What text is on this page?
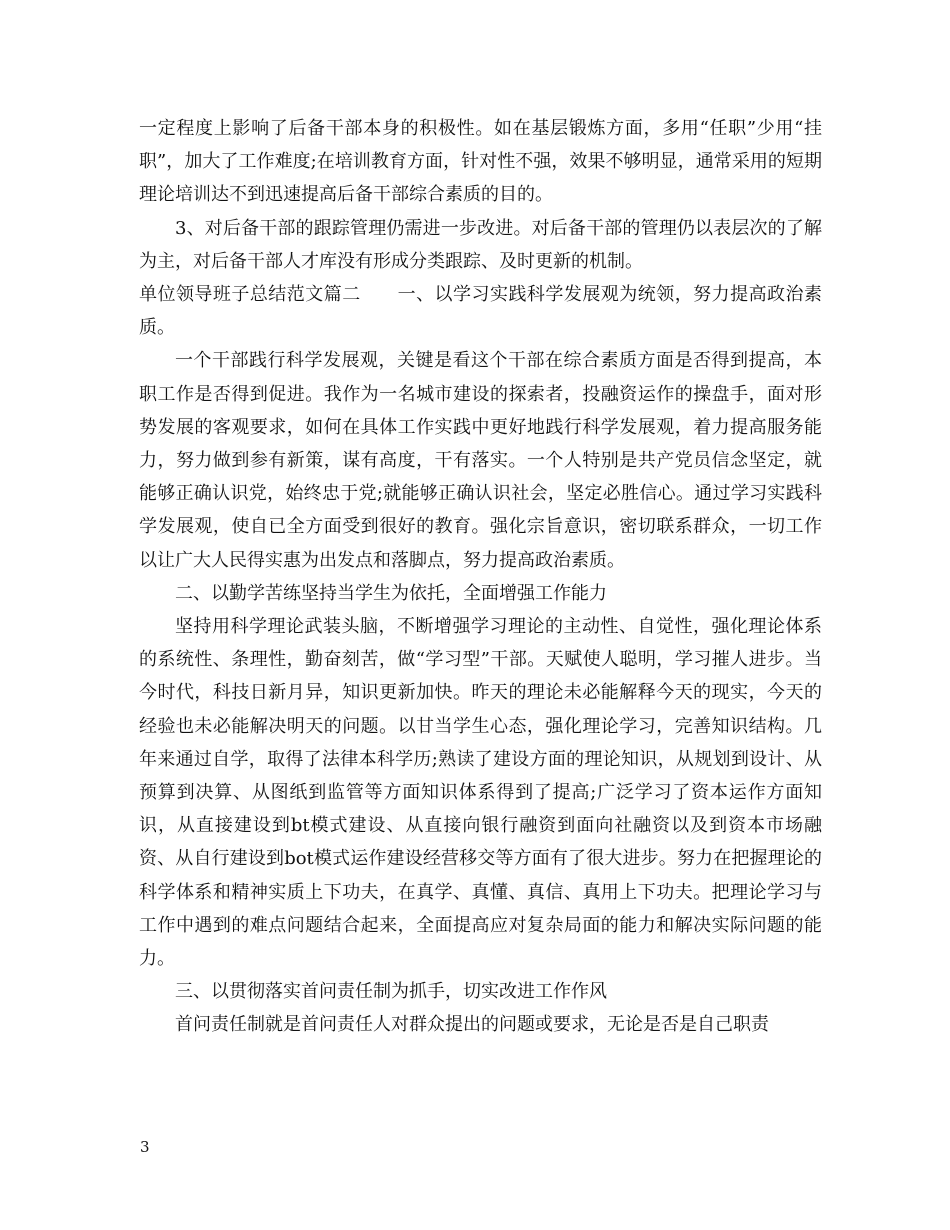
一定程度上影响了后备干部本身的积极性。如在基层锻炼方面，多用“任职”少用“挂职”，加大了工作难度;在培训教育方面，针对性不强，效果不够明显，通常采用的短期理论培训达不到迅速提高后备干部综合素质的目的。

3、对后备干部的跟踪管理仍需进一步改进。对后备干部的管理仍以表层次的了解为主，对后备干部人才库没有形成分类跟踪、及时更新的机制。

单位领导班子总结范文篇二　　一、以学习实践科学发展观为统领，努力提高政治素质。

一个干部践行科学发展观，关键是看这个干部在综合素质方面是否得到提高，本职工作是否得到促进。我作为一名城市建设的探索者，投融资运作的操盘手，面对形势发展的客观要求，如何在具体工作实践中更好地践行科学发展观，着力提高服务能力，努力做到参有新策，谋有高度，干有落实。一个人特别是共产党员信念坚定，就能够正确认识党，始终忠于党;就能够正确认识社会，坚定必胜信心。通过学习实践科学发展观，使自已全方面受到很好的教育。强化宗旨意识，密切联系群众，一切工作以让广大人民得实惠为出发点和落脚点，努力提高政治素质。

二、以勤学苦练坚持当学生为依托，全面增强工作能力

坚持用科学理论武装头脑，不断增强学习理论的主动性、自觉性，强化理论体系的系统性、条理性，勤奋刻苦，做“学习型”干部。天赋使人聪明，学习摧人进步。当今时代，科技日新月异，知识更新加快。昨天的理论未必能解释今天的现实，今天的经验也未必能解决明天的问题。以甘当学生心态，强化理论学习，完善知识结构。几年来通过自学，取得了法律本科学历;熟读了建设方面的理论知识，从规划到设计、从预算到决算、从图纸到监管等方面知识体系得到了提高;广泛学习了资本运作方面知识，从直接建设到bt模式建设、从直接向银行融资到面向社融资以及到资本市场融资、从自行建设到bot模式运作建设经营移交等方面有了很大进步。努力在把握理论的科学体系和精神实质上下功夫，在真学、真懂、真信、真用上下功夫。把理论学习与工作中遇到的难点问题结合起来，全面提高应对复杂局面的能力和解决实际问题的能力。

三、以贯彻落实首问责任制为抓手，切实改进工作作风

首问责任制就是首问责任人对群众提出的问题或要求，无论是否是自己职责

3
